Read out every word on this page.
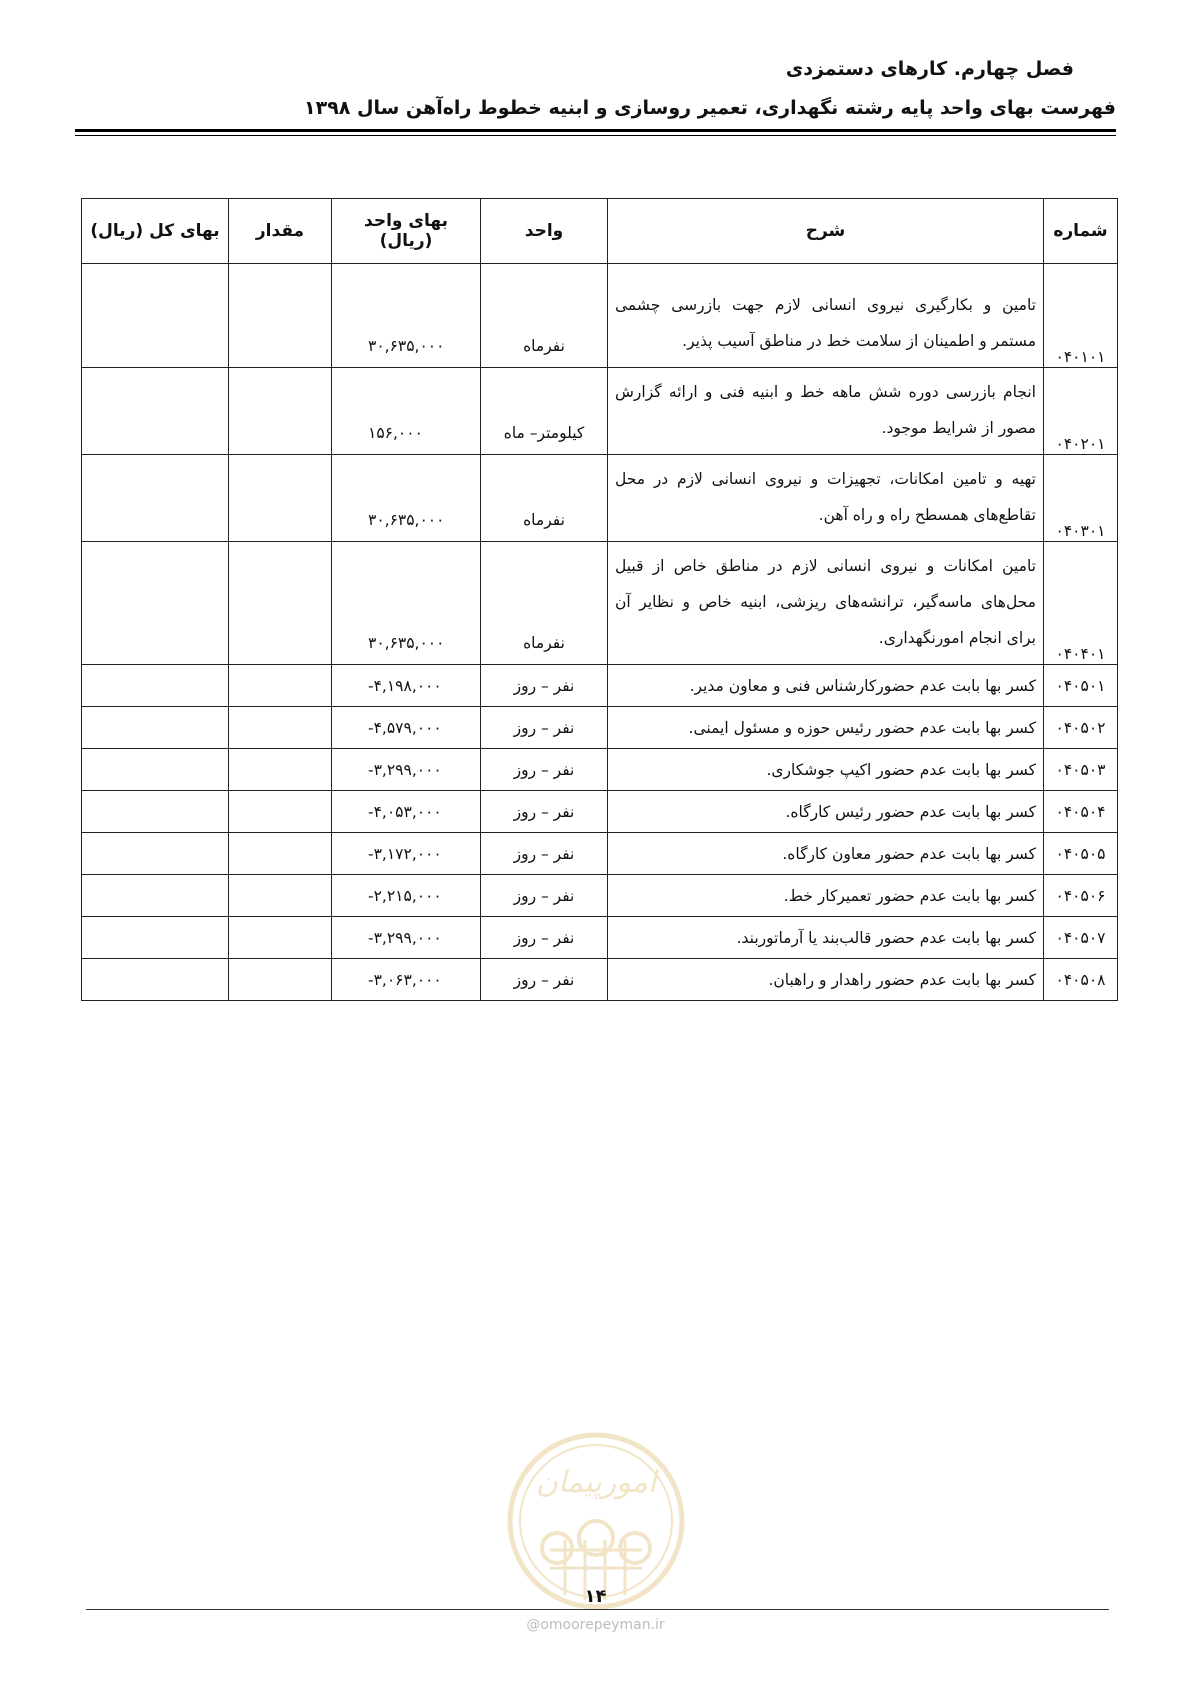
فصل چهارم. کارهای دستمزدی
فهرست بهای واحد پایه رشته نگهداری، تعمیر روسازی و ابنیه خطوط راه‌آهن سال ۱۳۹۸
شماره	شرح	واحد	بهای واحد (ریال)	مقدار	بهای کل (ریال)
۰۴۰۱۰۱	تامین و بکارگیری نیروی انسانی لازم جهت بازرسی چشمی مستمر و اطمینان از سلامت خط در مناطق آسیب پذیر.	نفرماه	۳۰,۶۳۵,۰۰۰		
۰۴۰۲۰۱	انجام بازرسی دوره شش ماهه خط و ابنیه فنی و ارائه گزارش مصور از شرایط موجود.	کیلومتر– ماه	۱۵۶,۰۰۰		
۰۴۰۳۰۱	تهیه و تامین امکانات، تجهیزات و نیروی انسانی لازم در محل تقاطع‌های همسطح راه و راه آهن.	نفرماه	۳۰,۶۳۵,۰۰۰		
۰۴۰۴۰۱	تامین امکانات و نیروی انسانی لازم در مناطق خاص از قبیل محل‌های ماسه‌گیر، ترانشه‌های ریزشی، ابنیه خاص و نظایر آن برای انجام امورنگهداری.	نفرماه	۳۰,۶۳۵,۰۰۰		
۰۴۰۵۰۱	کسر بها بابت عدم حضورکارشناس فنی و معاون مدیر.	نفر – روز	-۴,۱۹۸,۰۰۰		
۰۴۰۵۰۲	کسر بها بابت عدم حضور رئیس حوزه و مسئول ایمنی.	نفر – روز	-۴,۵۷۹,۰۰۰		
۰۴۰۵۰۳	کسر بها بابت عدم حضور اکیپ جوشکاری.	نفر – روز	-۳,۲۹۹,۰۰۰		
۰۴۰۵۰۴	کسر بها بابت عدم حضور رئیس کارگاه.	نفر – روز	-۴,۰۵۳,۰۰۰		
۰۴۰۵۰۵	کسر بها بابت عدم حضور معاون کارگاه.	نفر – روز	-۳,۱۷۲,۰۰۰		
۰۴۰۵۰۶	کسر بها بابت عدم حضور تعمیرکار خط.	نفر – روز	-۲,۲۱۵,۰۰۰		
۰۴۰۵۰۷	کسر بها بابت عدم حضور قالب‌بند یا آرماتوربند.	نفر – روز	-۳,۲۹۹,۰۰۰		
۰۴۰۵۰۸	کسر بها بابت عدم حضور راهدار و راهبان.	نفر – روز	-۳,۰۶۳,۰۰۰		
امورپیمان
۱۴
@omoorepeyman.ir
